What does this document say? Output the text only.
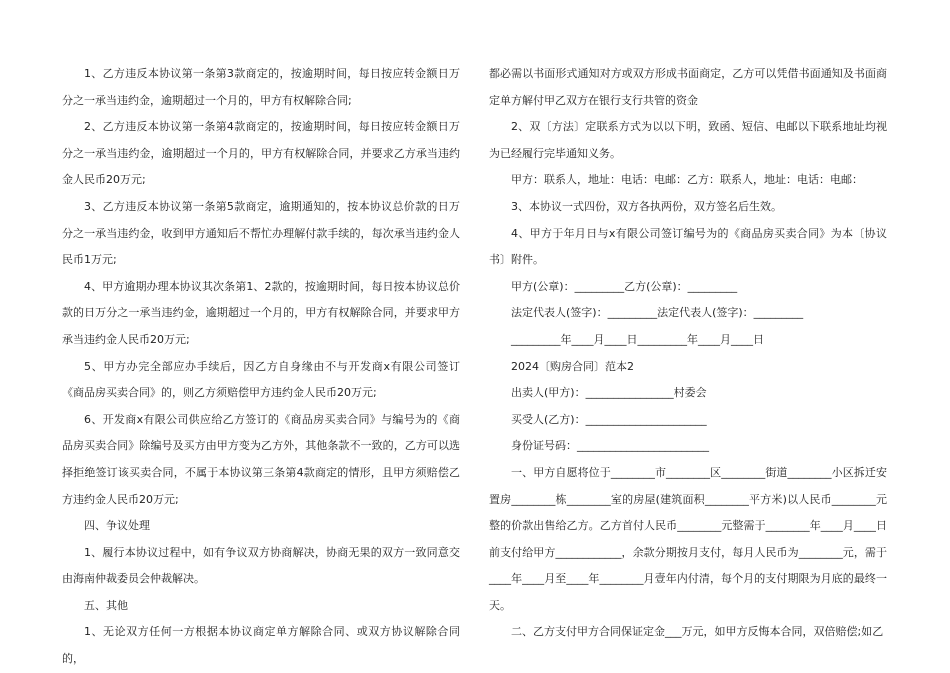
1、乙方违反本协议第一条第3款商定的，按逾期时间，每日按应转金额日万分之一承当违约金，逾期超过一个月的，甲方有权解除合同;

2、乙方违反本协议第一条第4款商定的，按逾期时间，每日按应转金额日万分之一承当违约金，逾期超过一个月的，甲方有权解除合同，并要求乙方承当违约金人民币20万元;

3、乙方违反本协议第一条第5款商定，逾期通知的，按本协议总价款的日万分之一承当违约金，收到甲方通知后不帮忙办理解付款手续的，每次承当违约金人民币1万元;

4、甲方逾期办理本协议其次条第1、2款的，按逾期时间，每日按本协议总价款的日万分之一承当违约金，逾期超过一个月的，甲方有权解除合同，并要求甲方承当违约金人民币20万元;

5、甲方办完全部应办手续后，因乙方自身缘由不与开发商x有限公司签订《商品房买卖合同》的，则乙方须赔偿甲方违约金人民币20万元;

6、开发商x有限公司供应给乙方签订的《商品房买卖合同》与编号为的《商品房买卖合同》除编号及买方由甲方变为乙方外，其他条款不一致的，乙方可以选择拒绝签订该买卖合同，不属于本协议第三条第4款商定的情形，且甲方须赔偿乙方违约金人民币20万元;

四、争议处理

1、履行本协议过程中，如有争议双方协商解决，协商无果的双方一致同意交由海南仲裁委员会仲裁解决。

五、其他

1、无论双方任何一方根据本协议商定单方解除合同、或双方协议解除合同的，

都必需以书面形式通知对方或双方形成书面商定，乙方可以凭借书面通知及书面商定单方解付甲乙双方在银行支行共管的资金

2、双〔方法〕定联系方式为以以下明，致函、短信、电邮以下联系地址均视为已经履行完毕通知义务。

甲方：联系人，地址：电话：电邮：乙方：联系人，地址：电话：电邮：

3、本协议一式四份，双方各执两份，双方签名后生效。

4、甲方于年月日与x有限公司签订编号为的《商品房买卖合同》为本〔协议书〕附件。

甲方(公章)：_________乙方(公章)：_________

法定代表人(签字)：_________法定代表人(签字)：_________

_________年____月____日_________年____月____日

2024〔购房合同〕范本2

出卖人(甲方)：________________村委会

买受人(乙方)：______________________

身份证号码：________________________

一、甲方自愿将位于________市________区________街道________小区拆迁安置房________栋________室的房屋(建筑面积________平方米)以人民币________元整的价款出售给乙方。乙方首付人民币________元整需于________年____月____日前支付给甲方____________，余款分期按月支付，每月人民币为________元，需于____年____月至____年________月壹年内付清，每个月的支付期限为月底的最终一天。

二、乙方支付甲方合同保证定金___万元，如甲方反悔本合同，双倍赔偿;如乙
